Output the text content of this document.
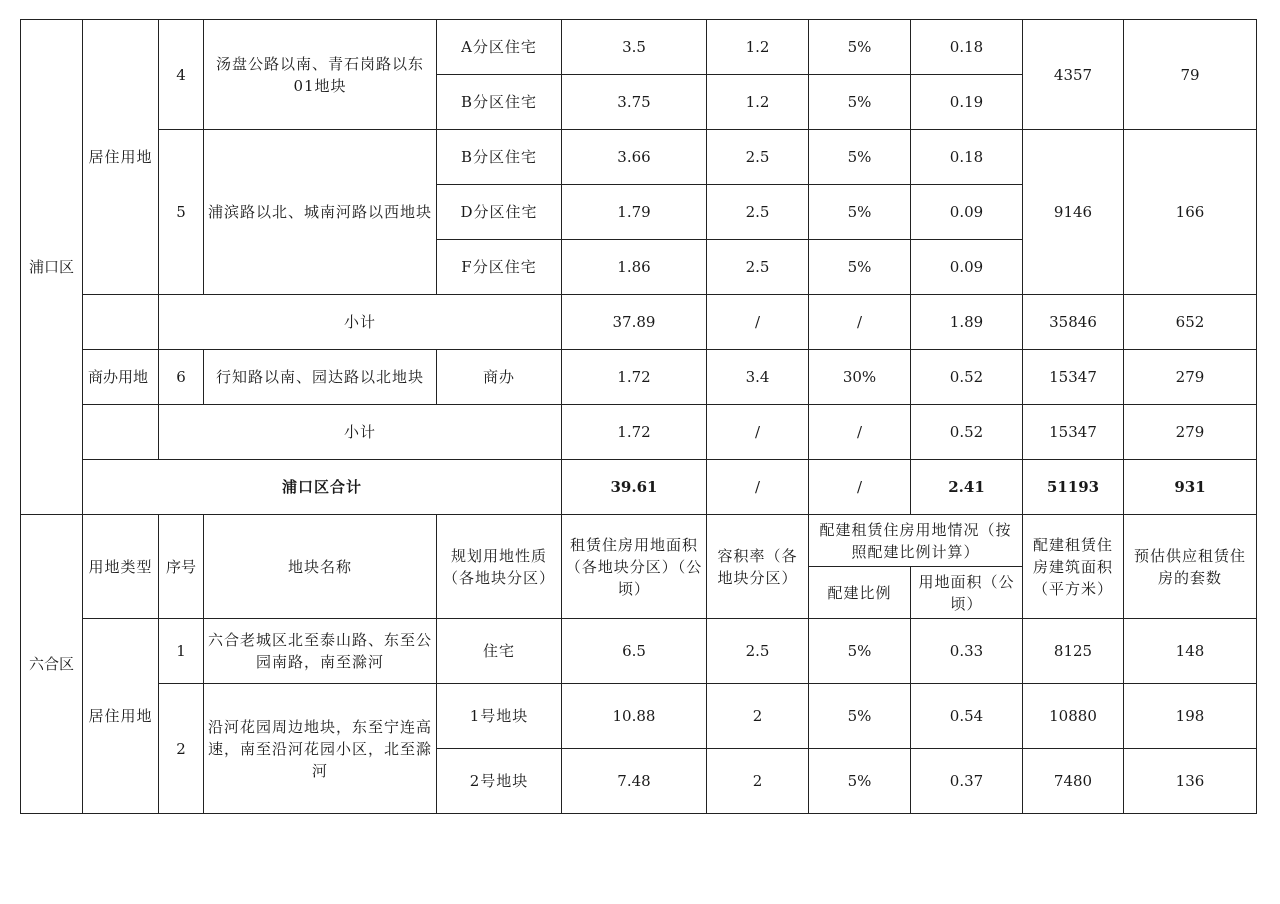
浦口区	居住用地	4	汤盘公路以南、青石岗路以东01地块	A分区住宅	3.5	1.2	5%	0.18	4357	79
				B分区住宅	3.75	1.2	5%	0.19		
		5	浦滨路以北、城南河路以西地块	B分区住宅	3.66	2.5	5%	0.18	9146	166
				D分区住宅	1.79	2.5	5%	0.09		
				F分区住宅	1.86	2.5	5%	0.09		
		小计			37.89	/	/	1.89	35846	652
	商办用地	6	行知路以南、园达路以北地块	商办	1.72	3.4	30%	0.52	15347	279
		小计			1.72	/	/	0.52	15347	279
	浦口区合计				39.61	/	/	2.41	51193	931
六合区	用地类型	序号	地块名称	规划用地性质（各地块分区）	租赁住房用地面积（各地块分区）（公顷）	容积率（各地块分区）	配建租赁住房用地情况（按照配建比例计算）		配建租赁住房建筑面积（平方米）	预估供应租赁住房的套数
							配建比例	用地面积（公顷）		
	居住用地	1	六合老城区北至泰山路、东至公园南路，南至滁河	住宅	6.5	2.5	5%	0.33	8125	148
		2	沿河花园周边地块，东至宁连高速，南至沿河花园小区，北至滁河	1号地块	10.88	2	5%	0.54	10880	198
				2号地块	7.48	2	5%	0.37	7480	136
